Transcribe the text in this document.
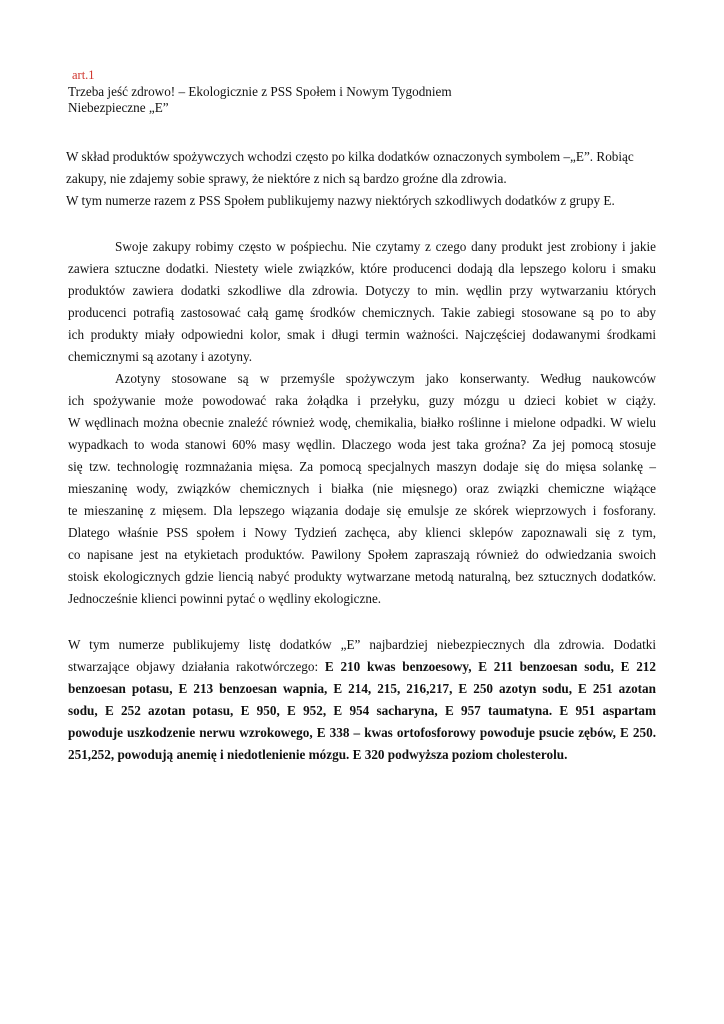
art.1
Trzeba jeść zdrowo! – Ekologicznie z PSS Społem i Nowym Tygodniem
Niebezpieczne „E”
W skład produktów spożywczych wchodzi często po kilka dodatków oznaczonych symbolem –„E”. Robiąc
zakupy, nie zdajemy sobie sprawy, że niektóre z nich są bardzo groźne dla zdrowia.
W tym numerze razem z PSS Społem publikujemy nazwy niektórych szkodliwych dodatków z grupy E.
Swoje zakupy robimy często w pośpiechu. Nie czytamy z czego dany produkt jest zrobiony i jakie
zawiera sztuczne dodatki. Niestety wiele związków, które producenci dodają dla lepszego koloru i smaku
produktów zawiera dodatki szkodliwe dla zdrowia. Dotyczy to min. wędlin przy wytwarzaniu których
producenci potrafią zastosować całą gamę środków chemicznych. Takie zabiegi stosowane są po to aby
ich produkty miały odpowiedni kolor, smak i długi termin ważności. Najczęściej dodawanymi środkami
chemicznymi są azotany i azotyny.
Azotyny stosowane są w przemyśle spożywczym jako konserwanty. Według naukowców
ich spożywanie może powodować raka żołądka i przełyku, guzy mózgu u dzieci kobiet w ciąży.
W wędlinach można obecnie znaleźć również wodę, chemikalia, białko roślinne i mielone odpadki. W wielu
wypadkach to woda stanowi 60% masy wędlin. Dlaczego woda jest taka groźna? Za jej pomocą stosuje
się tzw. technologię rozmnażania mięsa. Za pomocą specjalnych maszyn dodaje się do mięsa solankę –
mieszaninę wody, związków chemicznych i białka (nie mięsnego) oraz związki chemiczne wiążące
te mieszaninę z mięsem. Dla lepszego wiązania dodaje się emulsje ze skórek wieprzowych i fosforany.
Dlatego właśnie PSS społem i Nowy Tydzień zachęca, aby klienci sklepów zapoznawali się z tym,
co napisane jest na etykietach produktów. Pawilony Społem zapraszają również do odwiedzania swoich
stoisk ekologicznych gdzie liencią nabyć produkty wytwarzane metodą naturalną, bez sztucznych dodatków.
Jednocześnie klienci powinni pytać o wędliny ekologiczne.
W tym numerze publikujemy listę dodatków „E” najbardziej niebezpiecznych dla zdrowia. Dodatki
stwarzające objawy działania rakotwórczego: E 210 kwas benzoesowy, E 211 benzoesan sodu, E 212
benzoesan potasu, E 213 benzoesan wapnia, E 214, 215, 216,217, E 250 azotyn sodu, E 251 azotan
sodu, E 252 azotan potasu, E 950, E 952, E 954 sacharyna, E 957 taumatyna. E 951 aspartam
powoduje uszkodzenie nerwu wzrokowego, E 338 – kwas ortofosforowy powoduje psucie zębów, E 250.
251,252, powodują anemię i niedotlenienie mózgu. E 320 podwyższa poziom cholesterolu.
